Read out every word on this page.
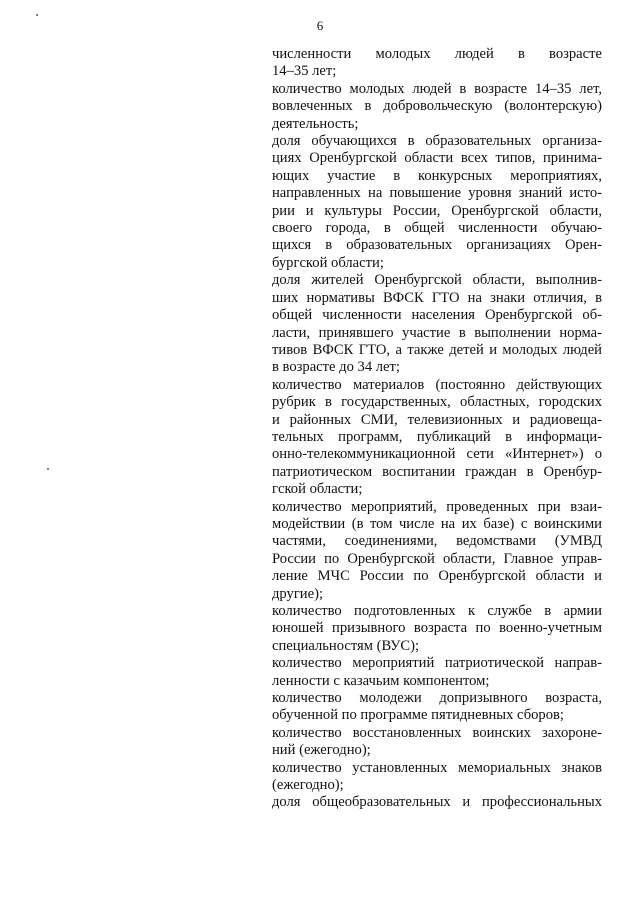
6
численности молодых людей в возрасте
14–35 лет;
количество молодых людей в возрасте 14–35 лет,
вовлеченных в добровольческую (волонтерскую)
деятельность;
доля обучающихся в образовательных организа-
циях Оренбургской области всех типов, принима-
ющих участие в конкурсных мероприятиях,
направленных на повышение уровня знаний исто-
рии и культуры России, Оренбургской области,
своего города, в общей численности обучаю-
щихся в образовательных организациях Орен-
бургской области;
доля жителей Оренбургской области, выполнив-
ших нормативы ВФСК ГТО на знаки отличия, в
общей численности населения Оренбургской об-
ласти, принявшего участие в выполнении норма-
тивов ВФСК ГТО, а также детей и молодых людей
в возрасте до 34 лет;
количество материалов (постоянно действующих
рубрик в государственных, областных, городских
и районных СМИ, телевизионных и радиовеща-
тельных программ, публикаций в информаци-
онно-телекоммуникационной сети «Интернет») о
патриотическом воспитании граждан в Оренбур-
гской области;
количество мероприятий, проведенных при взаи-
модействии (в том числе на их базе) с воинскими
частями, соединениями, ведомствами (УМВД
России по Оренбургской области, Главное управ-
ление МЧС России по Оренбургской области и
другие);
количество подготовленных к службе в армии
юношей призывного возраста по военно-учетным
специальностям (ВУС);
количество мероприятий патриотической направ-
ленности с казачьим компонентом;
количество молодежи допризывного возраста,
обученной по программе пятидневных сборов;
количество восстановленных воинских захороне-
ний (ежегодно);
количество установленных мемориальных знаков
(ежегодно);
доля общеобразовательных и профессиональных
